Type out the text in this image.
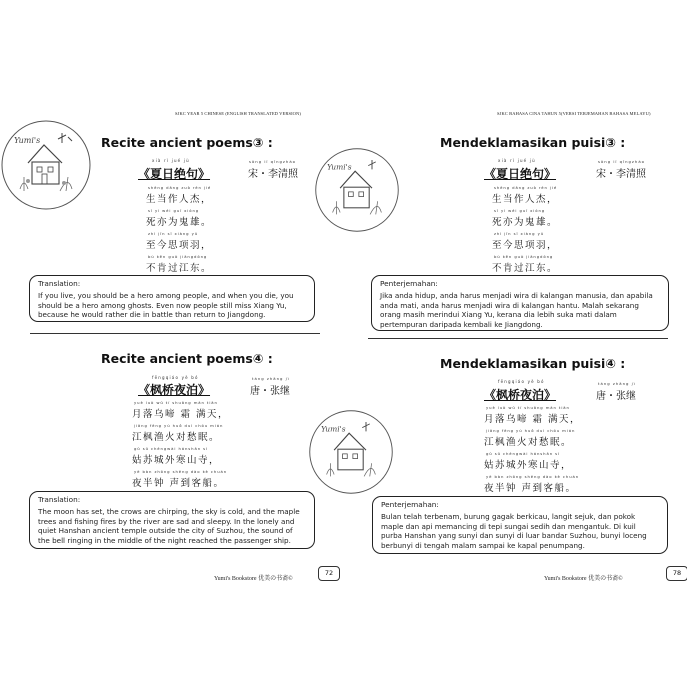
SJKC YEAR 5 CHINESE (ENGLISH TRANSLATED VERSION)
Yumi's	Recite ancient poems③ :
xià rì jué jù
《夏日绝句》
sòng lǐ qīngzhào
宋・李清照
shēng dāng zuò rén jié
生当作人杰，
sǐ yì wéi guǐ xióng
死亦为鬼雄。
zhì jīn sī xiàng yǔ
至今思项羽，
bù kěn guò jiāngdōng
不肯过江东。
Translation:
If you live, you should be a hero among people, and when you die, you should be a hero among ghosts. Even now people still miss Xiang Yu, because he would rather die in battle than return to Jiangdong.
Recite ancient poems④ :
fēngqiáo yè bó
《枫桥夜泊》
táng zhāng jì
唐・张继
yuè luò wū tí shuāng mǎn tiān
月落乌啼 霜 满天，
jiāng fēng yú huǒ duì chóu mián
江枫渔火对愁眠。
gū sū chéngwài hánshān sì
姑苏城外寒山寺，
yè bàn zhōng shēng dào kè chuán
夜半钟 声到客船。
Translation:
The moon has set, the crows are chirping, the sky is cold, and the maple trees and fishing fires by the river are sad and sleepy. In the lonely and quiet Hanshan ancient temple outside the city of Suzhou, the sound of the bell ringing in the middle of the night reached the passenger ship.
Yumi's Bookstore 优美の书斋©
72
SJKC BAHASA CINA TAHUN 5(VERSI TERJEMAHAN BAHASA MELAYU)
Yumi's
Yumi's
Mendeklamasikan puisi③ :
xià rì jué jù
《夏日绝句》
sòng lǐ qīngzhào
宋・李清照
shēng dāng zuò rén jié
生当作人杰，
sǐ yì wéi guǐ xióng
死亦为鬼雄。
zhì jīn sī xiàng yǔ
至今思项羽，
bù kěn guò jiāngdōng
不肯过江东。
Penterjemahan:
Jika anda hidup, anda harus menjadi wira di kalangan manusia, dan apabila anda mati, anda harus menjadi wira di kalangan hantu. Malah sekarang orang masih merindui Xiang Yu, kerana dia lebih suka mati dalam pertempuran daripada kembali ke Jiangdong.
Mendeklamasikan puisi④ :
fēngqiáo yè bó
《枫桥夜泊》
táng zhāng jì
唐・张继
yuè luò wū tí shuāng mǎn tiān
月落乌啼 霜 满天，
jiāng fēng yú huǒ duì chóu mián
江枫渔火对愁眠。
gū sū chéngwài hánshān sì
姑苏城外寒山寺，
yè bàn zhōng shēng dào kè chuán
夜半钟 声到客船。
Penterjemahan:
Bulan telah terbenam, burung gagak berkicau, langit sejuk, dan pokok maple dan api memancing di tepi sungai sedih dan mengantuk. Di kuil purba Hanshan yang sunyi dan sunyi di luar bandar Suzhou, bunyi loceng berbunyi di tengah malam sampai ke kapal penumpang.
Yumi's Bookstore 优美の书斋©
78
